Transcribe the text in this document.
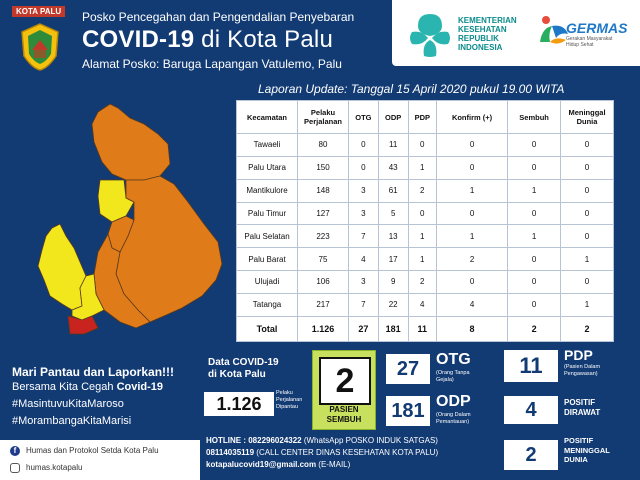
KOTA PALU	Posko Pencegahan dan Pengendalian Penyebaran
COVID-19 di Kota Palu
Alamat Posko: Baruga Lapangan Vatulemo, Palu
KEMENTERIAN
KESEHATAN
REPUBLIK
INDONESIA
GERMAS
Gerakan Masyarakat
Hidup Sehat
Laporan Update: Tanggal 15 April 2020 pukul 19.00 WITA
Kecamatan	Pelaku Perjalanan	OTG	ODP	PDP	Konfirm (+)	Sembuh	Meninggal Dunia
Tawaeli	80	0	11	0	0	0	0
Palu Utara	150	0	43	1	0	0	0
Mantikulore	148	3	61	2	1	1	0
Palu Timur	127	3	5	0	0	0	0
Palu Selatan	223	7	13	1	1	1	0
Palu Barat	75	4	17	1	2	0	1
Ulujadi	106	3	9	2	0	0	0
Tatanga	217	7	22	4	4	0	1
Total	1.126	27	181	11	8	2	2
Mari Pantau dan Laporkan!!!
Bersama Kita Cegah Covid-19
#MasintuvuKitaMaroso
#MorambangaKitaMarisi
Data COVID-19
di Kota Palu
1.126
Pelaku
Perjalanan
Dipantau
2
PASIEN
SEMBUH
27	OTG
(Orang Tanpa
Gejala)
181 ODP
(Orang Dalam
Pemantauan)
11	PDP
(Pasien Dalam
Pengawasan)
4	POSITIF
DIRAWAT
2
POSITIF
MENINGGAL
DUNIA
HOTLINE : 082296024322 (WhatsApp POSKO INDUK SATGAS)
08114035119 (CALL CENTER DINAS KESEHATAN KOTA PALU)
kotapalucovid19@gmail.com (E-MAIL)
f	Humas dan Protokol Setda Kota Palu
humas.kotapalu
